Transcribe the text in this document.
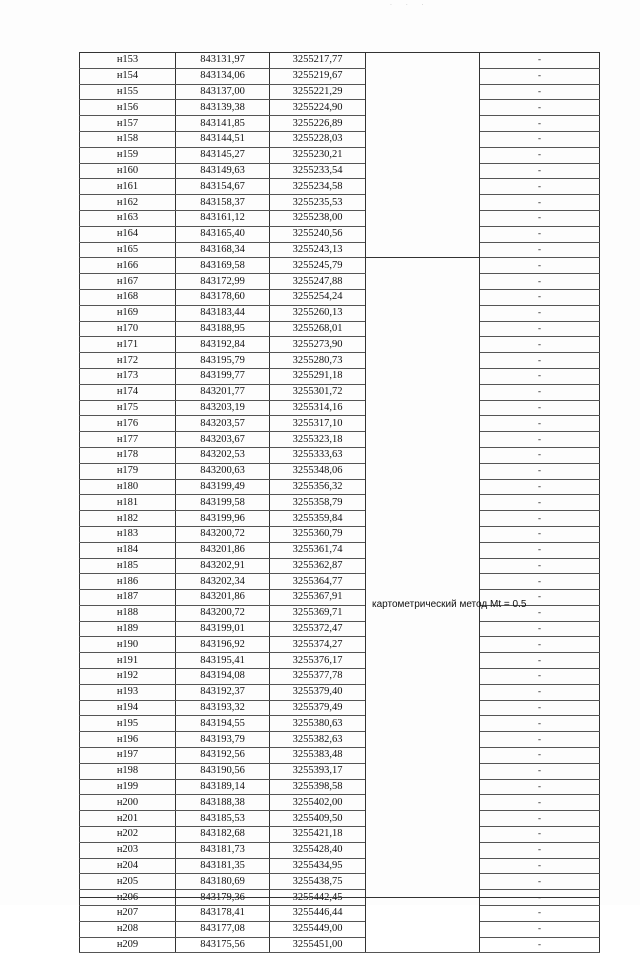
· · ·
н153	843131,97	3255217,77		-
н154	843134,06	3255219,67		-
н155	843137,00	3255221,29		-
н156	843139,38	3255224,90		-
н157	843141,85	3255226,89		-
н158	843144,51	3255228,03		-
н159	843145,27	3255230,21		-
н160	843149,63	3255233,54		-
н161	843154,67	3255234,58		-
н162	843158,37	3255235,53		-
н163	843161,12	3255238,00		-
н164	843165,40	3255240,56		-
н165	843168,34	3255243,13		-
н166	843169,58	3255245,79	картометрический метод Mt = 0.5	-
н167	843172,99	3255247,88		-
н168	843178,60	3255254,24		-
н169	843183,44	3255260,13		-
н170	843188,95	3255268,01		-
н171	843192,84	3255273,90		-
н172	843195,79	3255280,73		-
н173	843199,77	3255291,18		-
н174	843201,77	3255301,72		-
н175	843203,19	3255314,16		-
н176	843203,57	3255317,10		-
н177	843203,67	3255323,18		-
н178	843202,53	3255333,63		-
н179	843200,63	3255348,06		-
н180	843199,49	3255356,32		-
н181	843199,58	3255358,79		-
н182	843199,96	3255359,84		-
н183	843200,72	3255360,79		-
н184	843201,86	3255361,74		-
н185	843202,91	3255362,87		-
н186	843202,34	3255364,77		-
н187	843201,86	3255367,91		-
н188	843200,72	3255369,71		-
н189	843199,01	3255372,47		-
н190	843196,92	3255374,27		-
н191	843195,41	3255376,17		-
н192	843194,08	3255377,78		-
н193	843192,37	3255379,40		-
н194	843193,32	3255379,49		-
н195	843194,55	3255380,63		-
н196	843193,79	3255382,63		-
н197	843192,56	3255383,48		-
н198	843190,56	3255393,17		-
н199	843189,14	3255398,58		-
н200	843188,38	3255402,00		-
н201	843185,53	3255409,50		-
н202	843182,68	3255421,18		-
н203	843181,73	3255428,40		-
н204	843181,35	3255434,95		-
н205	843180,69	3255438,75		-
н206	843179,36	3255442,45		-
н207	843178,41	3255446,44		-
н208	843177,08	3255449,00		-
н209	843175,56	3255451,00		-
